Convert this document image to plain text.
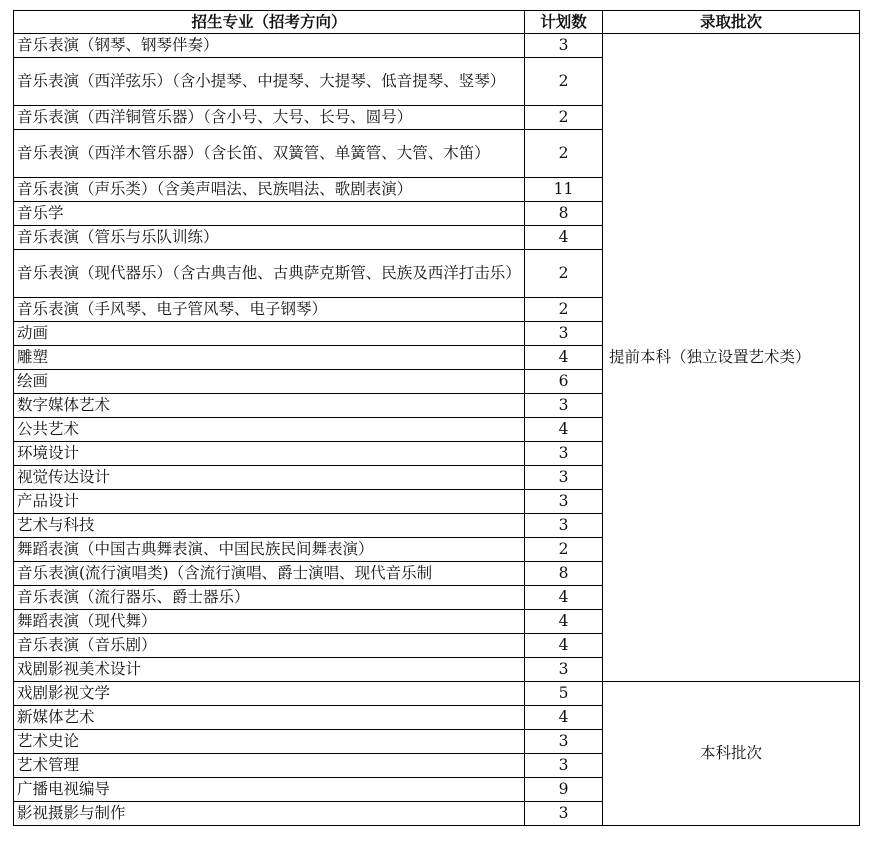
招生专业（招考方向）	计划数	录取批次
音乐表演（钢琴、钢琴伴奏）	3	提前本科（独立设置艺术类）
音乐表演（西洋弦乐）（含小提琴、中提琴、大提琴、低音提琴、竖琴）	2	
音乐表演（西洋铜管乐器）（含小号、大号、长号、圆号）	2	
音乐表演（西洋木管乐器）（含长笛、双簧管、单簧管、大管、木笛）	2	
音乐表演（声乐类）（含美声唱法、民族唱法、歌剧表演）	11	
音乐学	8	
音乐表演（管乐与乐队训练）	4	
音乐表演（现代器乐）（含古典吉他、古典萨克斯管、民族及西洋打击乐）	2	
音乐表演（手风琴、电子管风琴、电子钢琴）	2	
动画	3	
雕塑	4	
绘画	6	
数字媒体艺术	3	
公共艺术	4	
环境设计	3	
视觉传达设计	3	
产品设计	3	
艺术与科技	3	
舞蹈表演（中国古典舞表演、中国民族民间舞表演）	2	
音乐表演(流行演唱类)（含流行演唱、爵士演唱、现代音乐制	8	
音乐表演（流行器乐、爵士器乐）	4	
舞蹈表演（现代舞）	4	
音乐表演（音乐剧）	4	
戏剧影视美术设计	3	
戏剧影视文学	5	本科批次
新媒体艺术	4	
艺术史论	3	
艺术管理	3	
广播电视编导	9	
影视摄影与制作	3	
